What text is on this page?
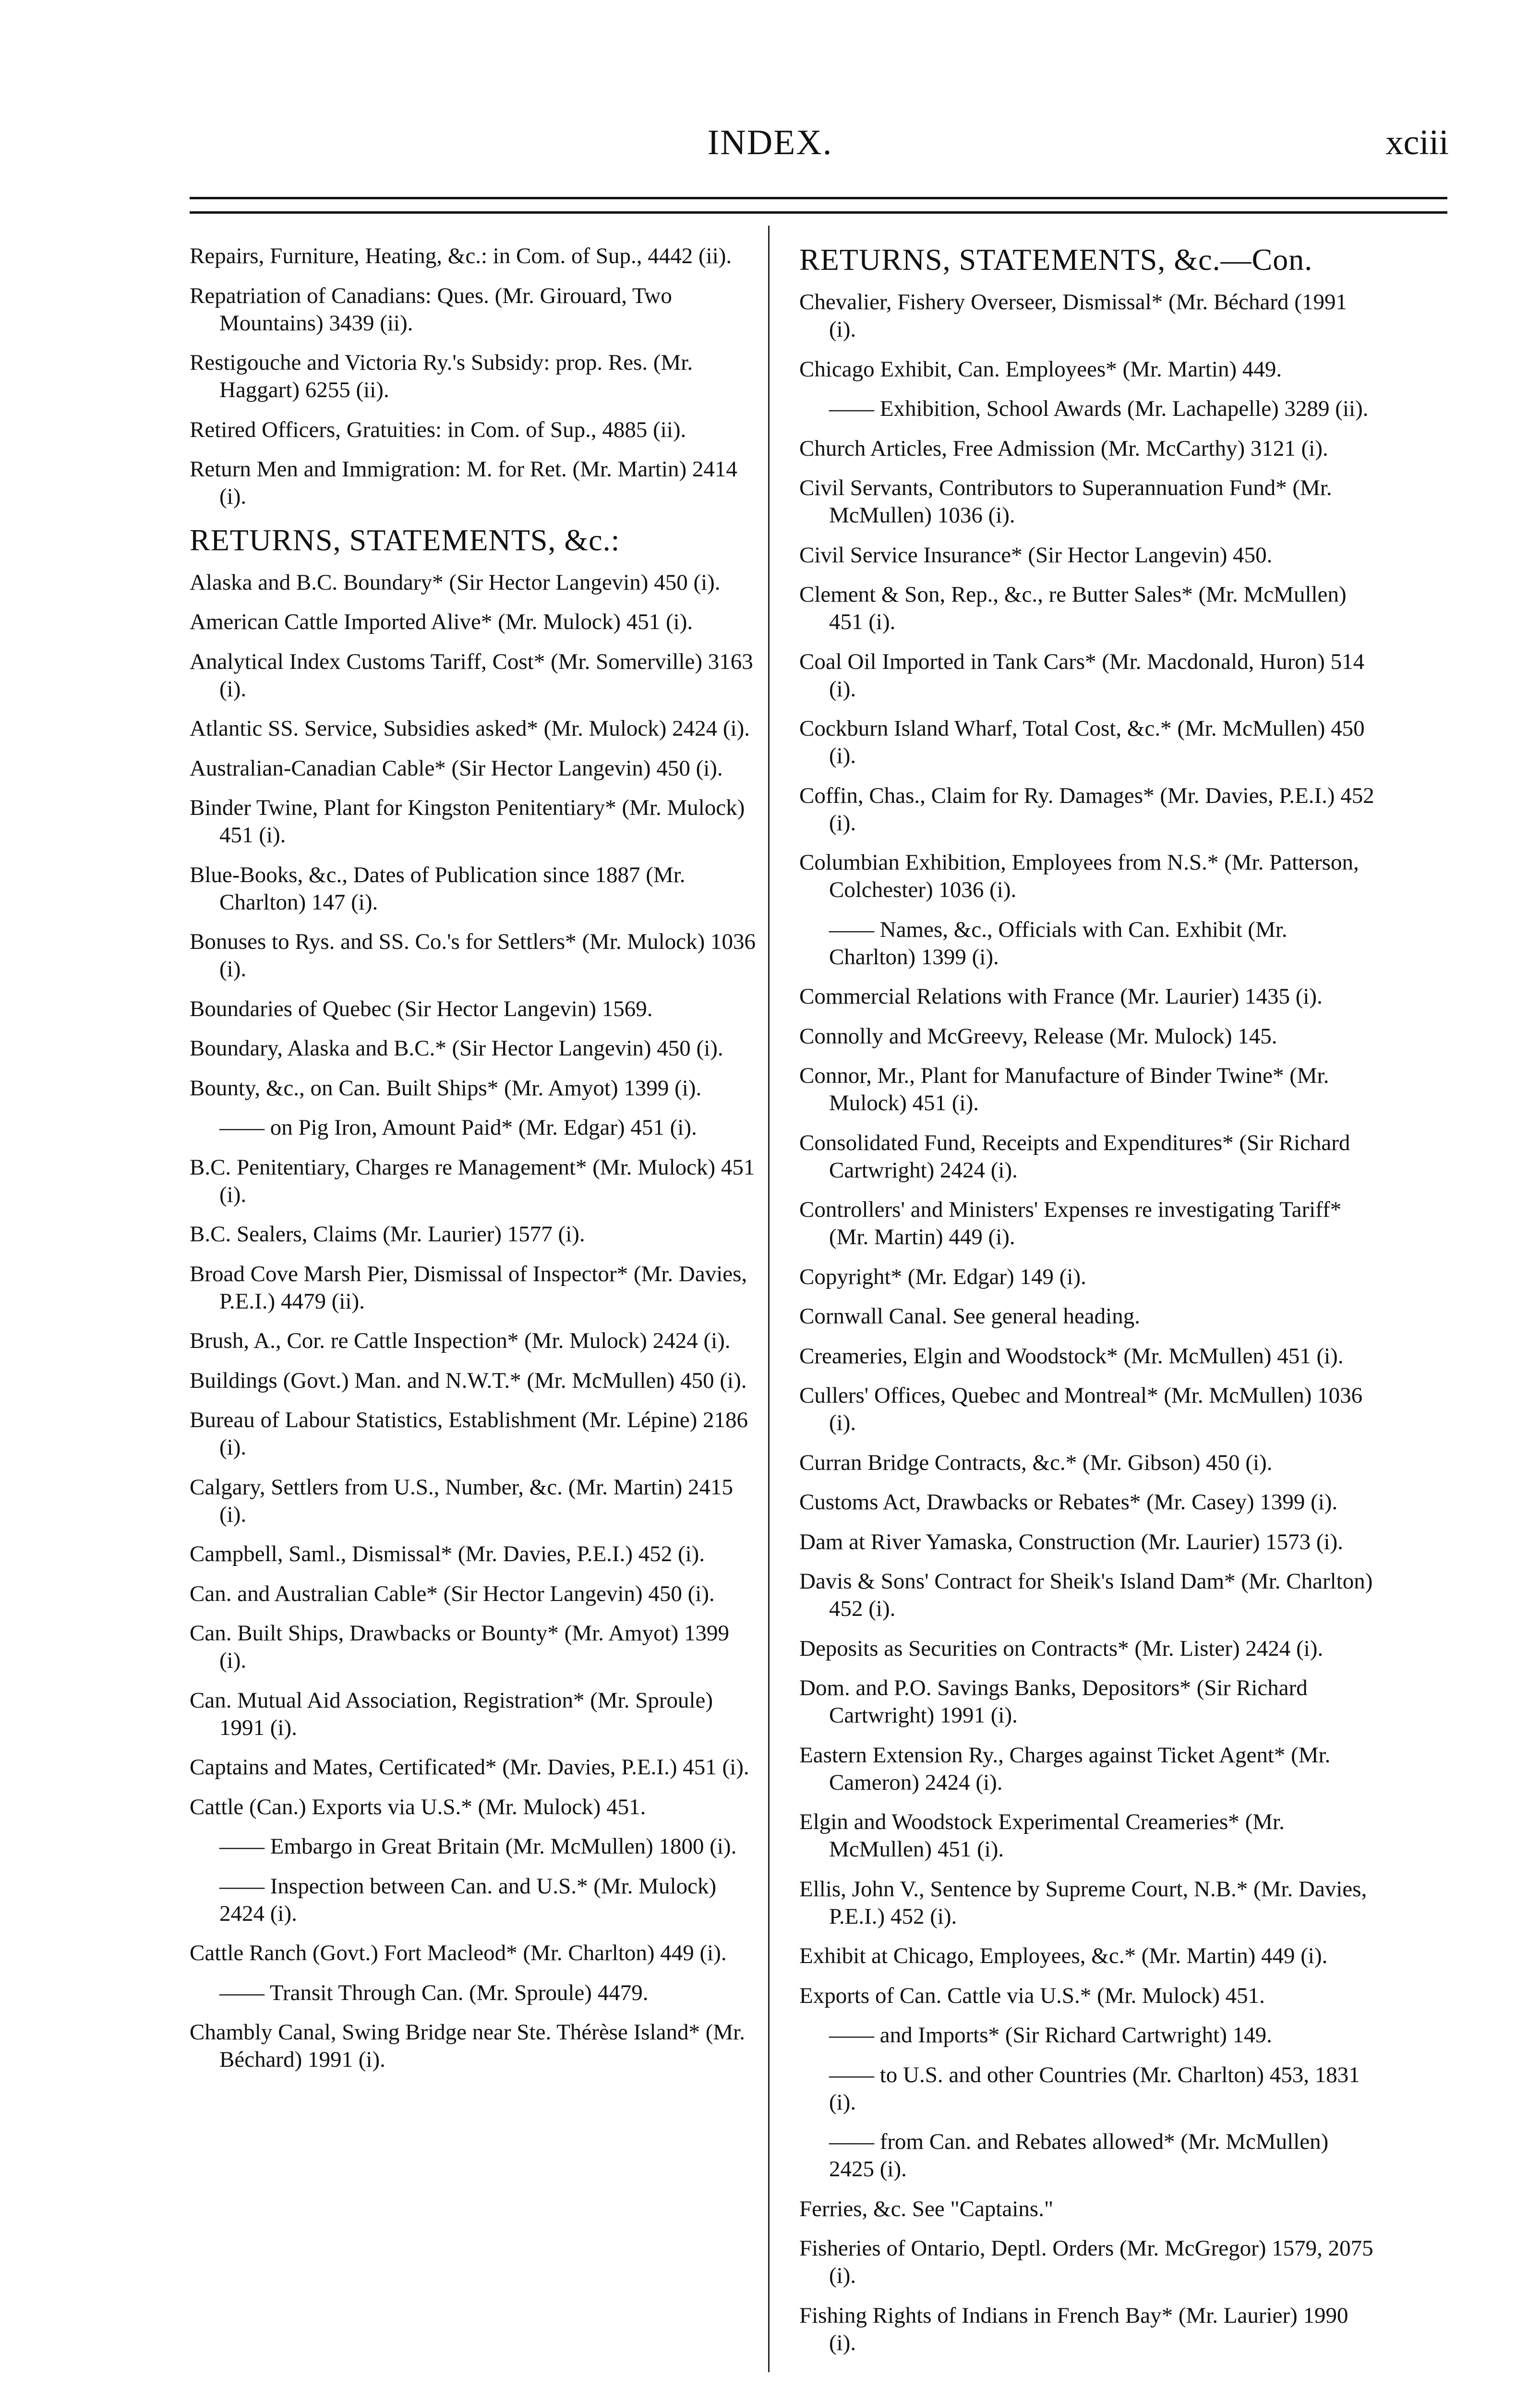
INDEX.	xciii
Repairs, Furniture, Heating, &c.: in Com. of Sup., 4442 (ii).
Repatriation of Canadians: Ques. (Mr. Girouard, Two Mountains) 3439 (ii).
Restigouche and Victoria Ry.'s Subsidy: prop. Res. (Mr. Haggart) 6255 (ii).
Retired Officers, Gratuities: in Com. of Sup., 4885 (ii).
Return Men and Immigration: M. for Ret. (Mr. Martin) 2414 (i).
RETURNS, STATEMENTS, &c.:
Alaska and B.C. Boundary* (Sir Hector Langevin) 450 (i).
American Cattle Imported Alive* (Mr. Mulock) 451 (i).
Analytical Index Customs Tariff, Cost* (Mr. Somerville) 3163 (i).
Atlantic SS. Service, Subsidies asked* (Mr. Mulock) 2424 (i).
Australian-Canadian Cable* (Sir Hector Langevin) 450 (i).
Binder Twine, Plant for Kingston Penitentiary* (Mr. Mulock) 451 (i).
Blue-Books, &c., Dates of Publication since 1887 (Mr. Charlton) 147 (i).
Bonuses to Rys. and SS. Co.'s for Settlers* (Mr. Mulock) 1036 (i).
Boundaries of Quebec (Sir Hector Langevin) 1569.
Boundary, Alaska and B.C.* (Sir Hector Langevin) 450 (i).
Bounty, &c., on Can. Built Ships* (Mr. Amyot) 1399 (i).
—— on Pig Iron, Amount Paid* (Mr. Edgar) 451 (i).
B.C. Penitentiary, Charges re Management* (Mr. Mulock) 451 (i).
B.C. Sealers, Claims (Mr. Laurier) 1577 (i).
Broad Cove Marsh Pier, Dismissal of Inspector* (Mr. Davies, P.E.I.) 4479 (ii).
Brush, A., Cor. re Cattle Inspection* (Mr. Mulock) 2424 (i).
Buildings (Govt.) Man. and N.W.T.* (Mr. McMullen) 450 (i).
Bureau of Labour Statistics, Establishment (Mr. Lépine) 2186 (i).
Calgary, Settlers from U.S., Number, &c. (Mr. Martin) 2415 (i).
Campbell, Saml., Dismissal* (Mr. Davies, P.E.I.) 452 (i).
Can. and Australian Cable* (Sir Hector Langevin) 450 (i).
Can. Built Ships, Drawbacks or Bounty* (Mr. Amyot) 1399 (i).
Can. Mutual Aid Association, Registration* (Mr. Sproule) 1991 (i).
Captains and Mates, Certificated* (Mr. Davies, P.E.I.) 451 (i).
Cattle (Can.) Exports via U.S.* (Mr. Mulock) 451.
—— Embargo in Great Britain (Mr. McMullen) 1800 (i).
—— Inspection between Can. and U.S.* (Mr. Mulock) 2424 (i).
Cattle Ranch (Govt.) Fort Macleod* (Mr. Charlton) 449 (i).
—— Transit Through Can. (Mr. Sproule) 4479.
Chambly Canal, Swing Bridge near Ste. Thérèse Island* (Mr. Béchard) 1991 (i).
RETURNS, STATEMENTS, &c.—Con.
Chevalier, Fishery Overseer, Dismissal* (Mr. Béchard (1991 (i).
Chicago Exhibit, Can. Employees* (Mr. Martin) 449.
—— Exhibition, School Awards (Mr. Lachapelle) 3289 (ii).
Church Articles, Free Admission (Mr. McCarthy) 3121 (i).
Civil Servants, Contributors to Superannuation Fund* (Mr. McMullen) 1036 (i).
Civil Service Insurance* (Sir Hector Langevin) 450.
Clement & Son, Rep., &c., re Butter Sales* (Mr. McMullen) 451 (i).
Coal Oil Imported in Tank Cars* (Mr. Macdonald, Huron) 514 (i).
Cockburn Island Wharf, Total Cost, &c.* (Mr. McMullen) 450 (i).
Coffin, Chas., Claim for Ry. Damages* (Mr. Davies, P.E.I.) 452 (i).
Columbian Exhibition, Employees from N.S.* (Mr. Patterson, Colchester) 1036 (i).
—— Names, &c., Officials with Can. Exhibit (Mr. Charlton) 1399 (i).
Commercial Relations with France (Mr. Laurier) 1435 (i).
Connolly and McGreevy, Release (Mr. Mulock) 145.
Connor, Mr., Plant for Manufacture of Binder Twine* (Mr. Mulock) 451 (i).
Consolidated Fund, Receipts and Expenditures* (Sir Richard Cartwright) 2424 (i).
Controllers' and Ministers' Expenses re investigating Tariff* (Mr. Martin) 449 (i).
Copyright* (Mr. Edgar) 149 (i).
Cornwall Canal. See general heading.
Creameries, Elgin and Woodstock* (Mr. McMullen) 451 (i).
Cullers' Offices, Quebec and Montreal* (Mr. McMullen) 1036 (i).
Curran Bridge Contracts, &c.* (Mr. Gibson) 450 (i).
Customs Act, Drawbacks or Rebates* (Mr. Casey) 1399 (i).
Dam at River Yamaska, Construction (Mr. Laurier) 1573 (i).
Davis & Sons' Contract for Sheik's Island Dam* (Mr. Charlton) 452 (i).
Deposits as Securities on Contracts* (Mr. Lister) 2424 (i).
Dom. and P.O. Savings Banks, Depositors* (Sir Richard Cartwright) 1991 (i).
Eastern Extension Ry., Charges against Ticket Agent* (Mr. Cameron) 2424 (i).
Elgin and Woodstock Experimental Creameries* (Mr. McMullen) 451 (i).
Ellis, John V., Sentence by Supreme Court, N.B.* (Mr. Davies, P.E.I.) 452 (i).
Exhibit at Chicago, Employees, &c.* (Mr. Martin) 449 (i).
Exports of Can. Cattle via U.S.* (Mr. Mulock) 451.
—— and Imports* (Sir Richard Cartwright) 149.
—— to U.S. and other Countries (Mr. Charlton) 453, 1831 (i).
—— from Can. and Rebates allowed* (Mr. McMullen) 2425 (i).
Ferries, &c. See "Captains."
Fisheries of Ontario, Deptl. Orders (Mr. McGregor) 1579, 2075 (i).
Fishing Rights of Indians in French Bay* (Mr. Laurier) 1990 (i).
